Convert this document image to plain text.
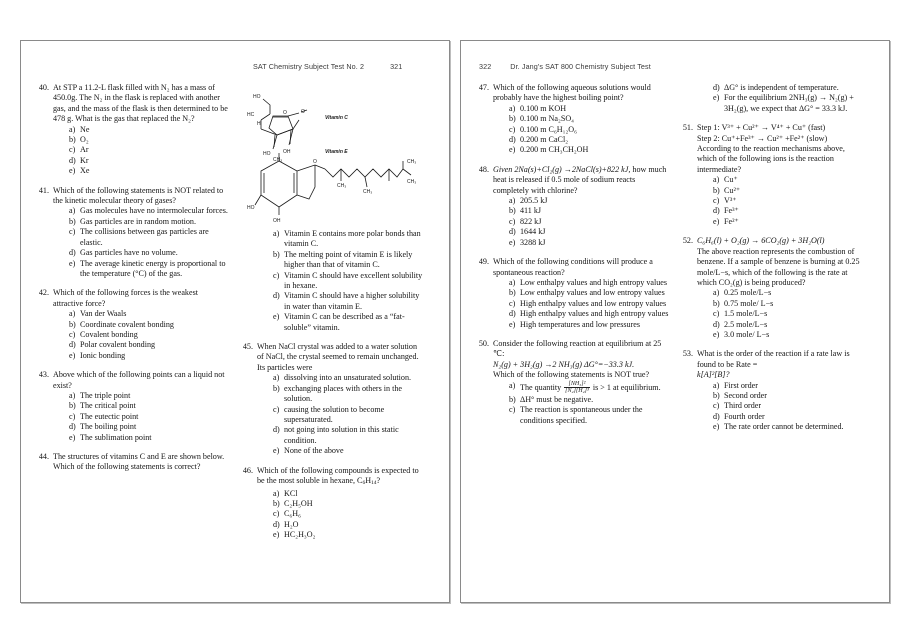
SAT Chemistry Subject Test No. 2	321
40. At STP a 11.2-L flask filled with N₂ has a mass of 450.0g. The N₂ in the flask is replaced with another gas, and the mass of the flask is then determined to be 478 g. What is the gas that replaced the N₂?

a) Ne
b) O₂
c) Ar
d) Kr
e) Xe
41. Which of the following statements is NOT related to the kinetic molecular theory of gases?

a) Gas molecules have no intermolecular forces.
b) Gas particles are in random motion.
c) The collisions between gas particles are elastic.
d) Gas particles have no volume.
e) The average kinetic energy is proportional to the temperature (°C) of the gas.
42. Which of the following forces is the weakest attractive force?

a) Van der Waals
b) Coordinate covalent bonding
c) Covalent bonding
d) Polar covalent bonding
e) Ionic bonding
43. Above which of the following points can a liquid not exist?

a) The triple point
b) The critical point
c) The eutectic point
d) The boiling point
e) The sublimation point
44. The structures of vitamins C and E are shown below. Which of the following statements is correct?

HO
HC
H
O	O
HO	OH
CH₃
HO
OH
O	CH₃
CH₃
CH₃
CH₃
Vitamin C
Vitamin E
a) Vitamin E contains more polar bonds than vitamin C.
b) The melting point of vitamin E is likely higher than that of vitamin C.
c) Vitamin C should have excellent solubility in hexane.
d) Vitamin C should have a higher solubility in water than vitamin E.
e) Vitamin C can be described as a “fat-soluble” vitamin.
45. When NaCl crystal was added to a water solution of NaCl, the crystal seemed to remain unchanged. Its particles were

a) dissolving into an unsaturated solution.
b) exchanging places with others in the solution.
c) causing the solution to become supersaturated.
d) not going into solution in this static condition.
e) None of the above
46. Which of the following compounds is expected to be the most soluble in hexane, $C_6H_{14}$?

a) KCl
b) C₂H₅OH
c) C₆H₆
d) H₂O
e) HC₂H₃O₂
322	Dr. Jang's SAT 800 Chemistry Subject Test
47. Which of the following aqueous solutions would probably have the highest boiling point?

a) 0.100 m KOH
b) 0.100 m Na₂SO₄
c) 0.100 m C₆H₁₂O₆
d) 0.200 m CaCl₂
e) 0.200 m CH₃CH₂OH
48. Given 2Na(s)+Cl₂(g) →2NaCl(s)+822 kJ, how much heat is released if 0.5 mole of sodium reacts completely with chlorine?

a) 205.5 kJ
b) 411 kJ
c) 822 kJ
d) 1644 kJ
e) 3288 kJ
49. Which of the following conditions will produce a spontaneous reaction?

a) Low enthalpy values and high entropy values
b) Low enthalpy values and low entropy values
c) High enthalpy values and low entropy values
d) High enthalpy values and high entropy values
e) High temperatures and low pressures
50. Consider the following reaction at equilibrium at 25 ℃:

N₂(g) + 3H₂(g) →2 NH₃(g) ΔG°=−33.3 kJ.

Which of the following statements is NOT true?

a) The quantity $\frac{\text{[NH₃]²}}{\text{[N₂][H₂]³}}$ is > 1 at equilibrium.
b) ΔH° must be negative.
c) The reaction is spontaneous under the conditions specified.
d) ΔG° is independent of temperature.
e) For the equilibrium 2NH₃(g) → N₂(g) + 3H₂(g), we expect that ΔG° = 33.3 kJ.
51. Step 1: V³⁺ + Cu²⁺ → V⁴⁺ + Cu⁺ (fast)

Step 2: Cu⁺+Fe³⁺ → Cu²⁺ +Fe²⁺ (slow)

According to the reaction mechanisms above, which of the following ions is the reaction intermediate?

a) Cu⁺
b) Cu²⁺
c) V³⁺
d) Fe³⁺
e) Fe²⁺
52. C₆H₆(l) + O₂(g) → 6CO₂(g) + 3H₂O(l)

The above reaction represents the combustion of benzene. If a sample of benzene is burning at 0.25 mole/L−s, which of the following is the rate at which CO₂(g) is being produced?

a) 0.25 mole/L−s
b) 0.75 mole/ L−s
c) 1.5 mole/L−s
d) 2.5 mole/L−s
e) 3.0 mole/ L−s
53. What is the order of the reaction if a rate law is found to be Rate =

k[A]²[B]?

a) First order
b) Second order
c) Third order
d) Fourth order
e) The rate order cannot be determined.
